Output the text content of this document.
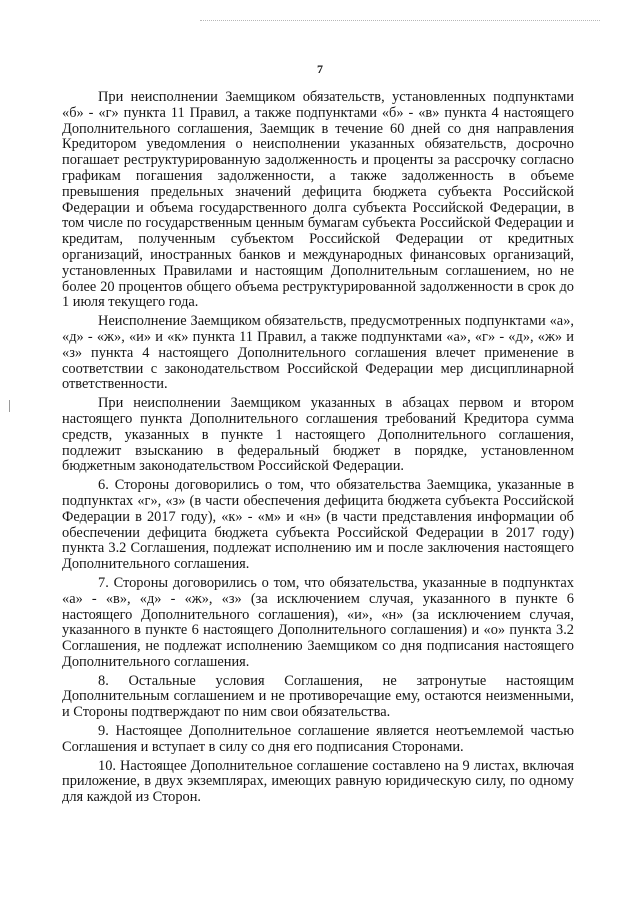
7

При неисполнении Заемщиком обязательств, установленных подпунктами «б» - «г» пункта 11 Правил, а также подпунктами «б» - «в» пункта 4 настоящего Дополнительного соглашения, Заемщик в течение 60 дней со дня направления Кредитором уведомления о неисполнении указанных обязательств, досрочно погашает реструктурированную задолженность и проценты за рассрочку согласно графикам погашения задолженности, а также задолженность в объеме превышения предельных значений дефицита бюджета субъекта Российской Федерации и объема государственного долга субъекта Российской Федерации, в том числе по государственным ценным бумагам субъекта Российской Федерации и кредитам, полученным субъектом Российской Федерации от кредитных организаций, иностранных банков и международных финансовых организаций, установленных Правилами и настоящим Дополнительным соглашением, но не более 20 процентов общего объема реструктурированной задолженности в срок до 1 июля текущего года.

Неисполнение Заемщиком обязательств, предусмотренных подпунктами «а», «д» - «ж», «и» и «к» пункта 11 Правил, а также подпунктами «а», «г» - «д», «ж» и «з» пункта 4 настоящего Дополнительного соглашения влечет применение в соответствии с законодательством Российской Федерации мер дисциплинарной ответственности.

При неисполнении Заемщиком указанных в абзацах первом и втором настоящего пункта Дополнительного соглашения требований Кредитора сумма средств, указанных в пункте 1 настоящего Дополнительного соглашения, подлежит взысканию в федеральный бюджет в порядке, установленном бюджетным законодательством Российской Федерации.

6. Стороны договорились о том, что обязательства Заемщика, указанные в подпунктах «г», «з» (в части обеспечения дефицита бюджета субъекта Российской Федерации в 2017 году), «к» - «м» и «н» (в части представления информации об обеспечении дефицита бюджета субъекта Российской Федерации в 2017 году) пункта 3.2 Соглашения, подлежат исполнению им и после заключения настоящего Дополнительного соглашения.

7. Стороны договорились о том, что обязательства, указанные в подпунктах «а» - «в», «д» - «ж», «з» (за исключением случая, указанного в пункте 6 настоящего Дополнительного соглашения), «и», «н» (за исключением случая, указанного в пункте 6 настоящего Дополнительного соглашения) и «о» пункта 3.2 Соглашения, не подлежат исполнению Заемщиком со дня подписания настоящего Дополнительного соглашения.

8. Остальные условия Соглашения, не затронутые настоящим Дополнительным соглашением и не противоречащие ему, остаются неизменными, и Стороны подтверждают по ним свои обязательства.

9. Настоящее Дополнительное соглашение является неотъемлемой частью Соглашения и вступает в силу со дня его подписания Сторонами.

10. Настоящее Дополнительное соглашение составлено на 9 листах, включая приложение, в двух экземплярах, имеющих равную юридическую силу, по одному для каждой из Сторон.
